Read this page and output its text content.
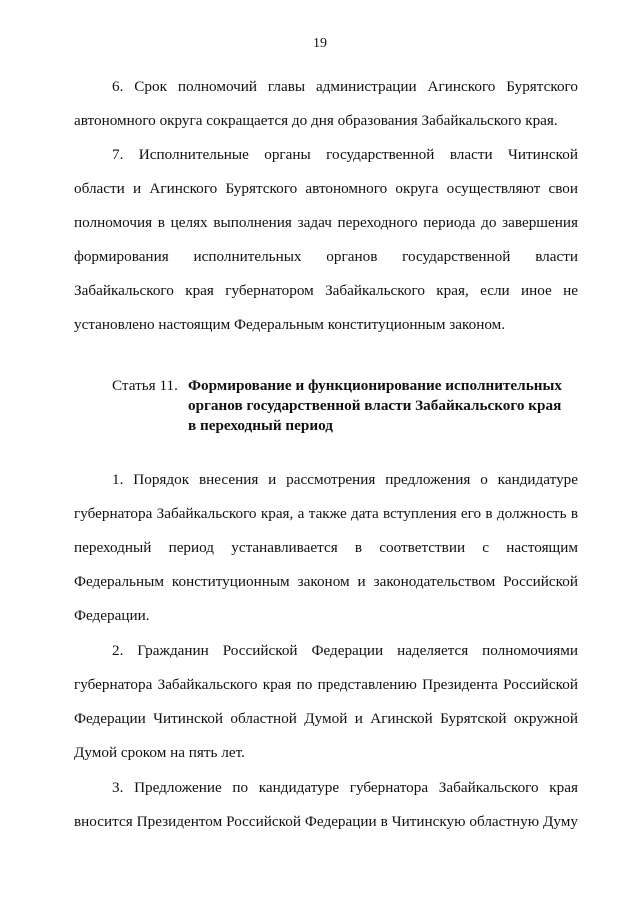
19
6. Срок полномочий главы администрации Агинского Бурятского
автономного округа сокращается до дня образования Забайкальского края.
7. Исполнительные органы государственной власти Читинской
области и Агинского Бурятского автономного округа осуществляют свои
полномочия в целях выполнения задач переходного периода до завершения
формирования исполнительных органов государственной власти
Забайкальского края губернатором Забайкальского края, если иное не
установлено настоящим Федеральным конституционным законом.
Статья 11. Формирование и функционирование исполнительных
органов государственной власти Забайкальского края
в переходный период
1. Порядок внесения и рассмотрения предложения о кандидатуре
губернатора Забайкальского края, а также дата вступления его в должность в
переходный период устанавливается в соответствии с настоящим
Федеральным конституционным законом и законодательством Российской
Федерации.
2. Гражданин Российской Федерации наделяется полномочиями
губернатора Забайкальского края по представлению Президента Российской
Федерации Читинской областной Думой и Агинской Бурятской окружной
Думой сроком на пять лет.
3. Предложение по кандидатуре губернатора Забайкальского края
вносится Президентом Российской Федерации в Читинскую областную Думу
